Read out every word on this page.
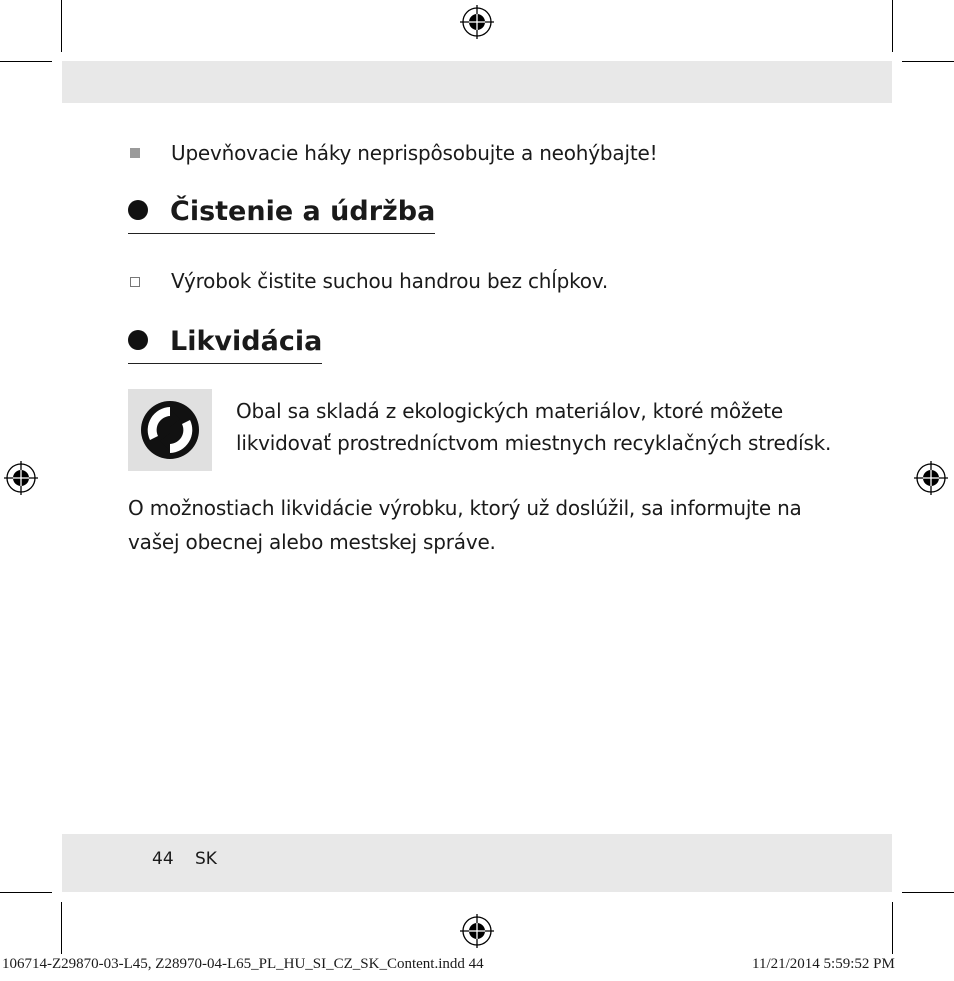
Upevňovacie háky neprispôsobujte a neohýbajte!
Čistenie a údržba
Výrobok čistite suchou handrou bez chĺpkov.
Likvidácia
Obal sa skladá z ekologických materiálov, ktoré môžete
likvidovať prostredníctvom miestnych recyklačných stredísk.
O možnostiach likvidácie výrobku, ktorý už doslúžil, sa informujte na
vašej obecnej alebo mestskej správe.
44 SK
106714-Z29870-03-L45, Z28970-04-L65_PL_HU_SI_CZ_SK_Content.indd 44	11/21/2014 5:59:52 PM
